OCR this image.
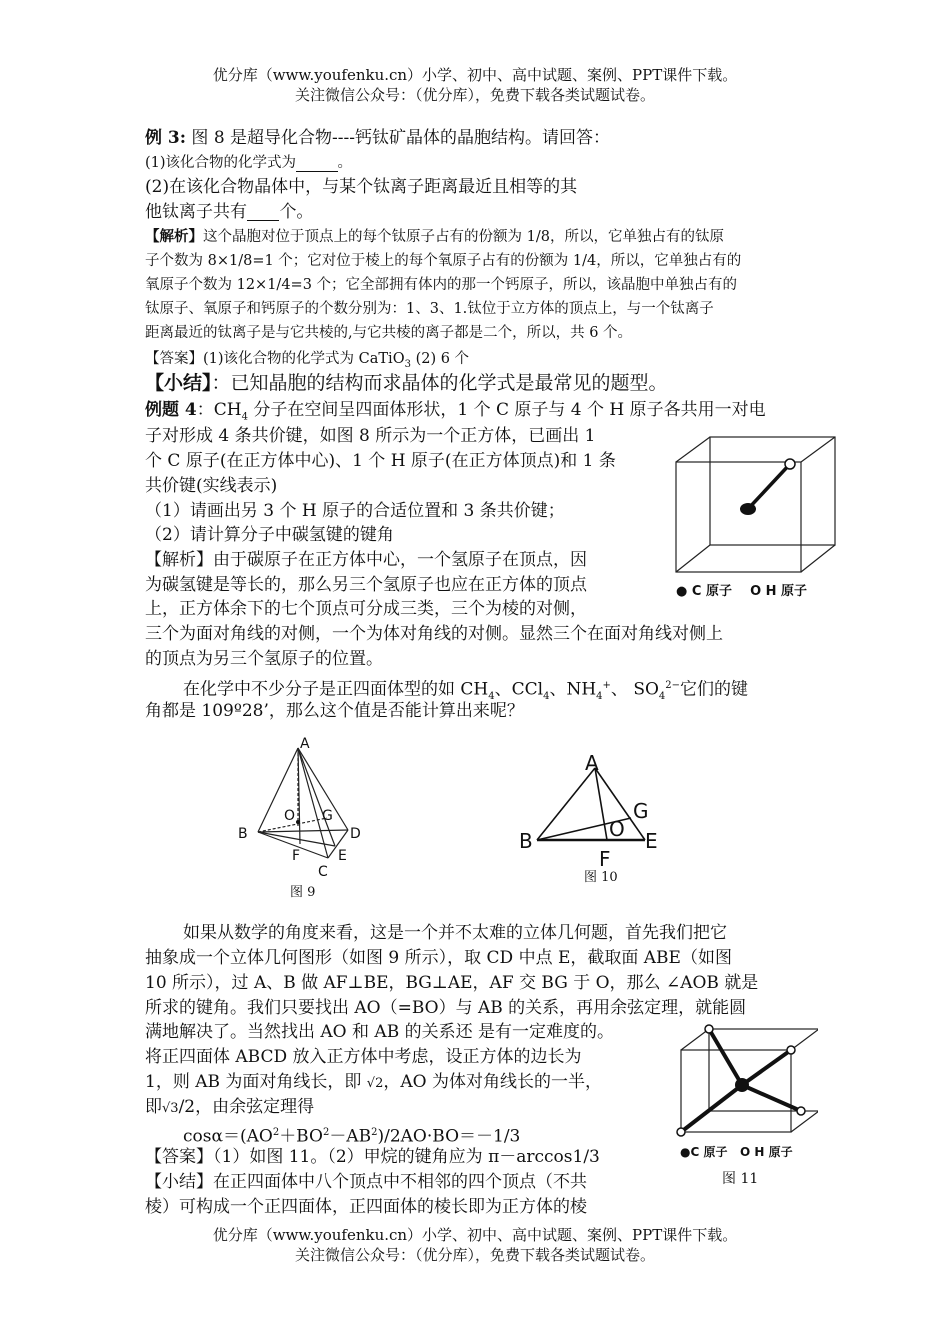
优分库（www.youfenku.cn）小学、初中、高中试题、案例、PPT课件下载。
关注微信公众号：（优分库），免费下载各类试题试卷。
例 3: 图 8 是超导化合物----钙钛矿晶体的晶胞结构。请回答：
(1)该化合物的化学式为	。
(2)在该化合物晶体中，与某个钛离子距离最近且相等的其
他钛离子共有 个。
【解析】这个晶胞对位于顶点上的每个钛原子占有的份额为 1/8，所以，它单独占有的钛原
子个数为 8×1/8=1 个；它对位于棱上的每个氧原子占有的份额为 1/4，所以，它单独占有的
氧原子个数为 12×1/4=3 个；它全部拥有体内的那一个钙原子，所以，该晶胞中单独占有的
钛原子、氧原子和钙原子的个数分别为：1、3、1.钛位于立方体的顶点上，与一个钛离子
距离最近的钛离子是与它共棱的,与它共棱的离子都是二个，所以，共 6 个。
【答案】(1)该化合物的化学式为 CaTiO$_3$ (2) 6 个
【小结】：已知晶胞的结构而求晶体的化学式是最常见的题型。
例题 4：$CH_4$ 分子在空间呈四面体形状，1 个 C 原子与 4 个 H 原子各共用一对电
子对形成 4 条共价键，如图 8 所示为一个正方体，已画出 1
个 C 原子(在正方体中心)、1 个 H 原子(在正方体顶点)和 1 条
共价键(实线表示)
（1）请画出另 3 个 H 原子的合适位置和 3 条共价键；
（2）请计算分子中碳氢键的键角
【解析】由于碳原子在正方体中心，一个氢原子在顶点，因
为碳氢键是等长的，那么另三个氢原子也应在正方体的顶点
上，正方体余下的七个顶点可分成三类，三个为棱的对侧，
三个为面对角线的对侧，一个为体对角线的对侧。显然三个在面对角线对侧上
的顶点为另三个氢原子的位置。
在化学中不少分子是正四面体型的如 $CH_4$、CCl$_4$、$NH_4^+$、 $SO_4^{2-}$它们的键
角都是 109º28’，那么这个值是否能计算出来呢？
● C 原子 O H 原子
A
B
C
D
E
F
G
O
图 9
A
B	E
F
G
O
图 10
如果从数学的角度来看，这是一个并不太难的立体几何题，首先我们把它
抽象成一个立体几何图形（如图 9 所示），取 CD 中点 E，截取面 ABE（如图
10 所示），过 A、B 做 AF⊥BE，BG⊥AE，AF 交 BG 于 O，那么 ∠AOB 就是
所求的键角。我们只要找出 AO（=BO）与 AB 的关系，再用余弦定理，就能圆
满地解决了。当然找出 AO 和 AB 的关系还 是有一定难度的。
将正四面体 ABCD 放入正方体中考虑，设正方体的边长为
1，则 AB 为面对角线长，即 √2，AO 为体对角线长的一半，
即√3/2，由余弦定理得
$\cos\alpha=(AO^2+BO^2-AB^2)/2AO\cdot BO=-1/3$
【答案】（1）如图 11。（2）甲烷的键角应为 π－arccos1/3
【小结】在正四面体中八个顶点中不相邻的四个顶点（不共
棱）可构成一个正四面体，正四面体的棱长即为正方体的棱
●C 原子 O H 原子
图 11
优分库（www.youfenku.cn）小学、初中、高中试题、案例、PPT课件下载。
关注微信公众号：（优分库），免费下载各类试题试卷。
